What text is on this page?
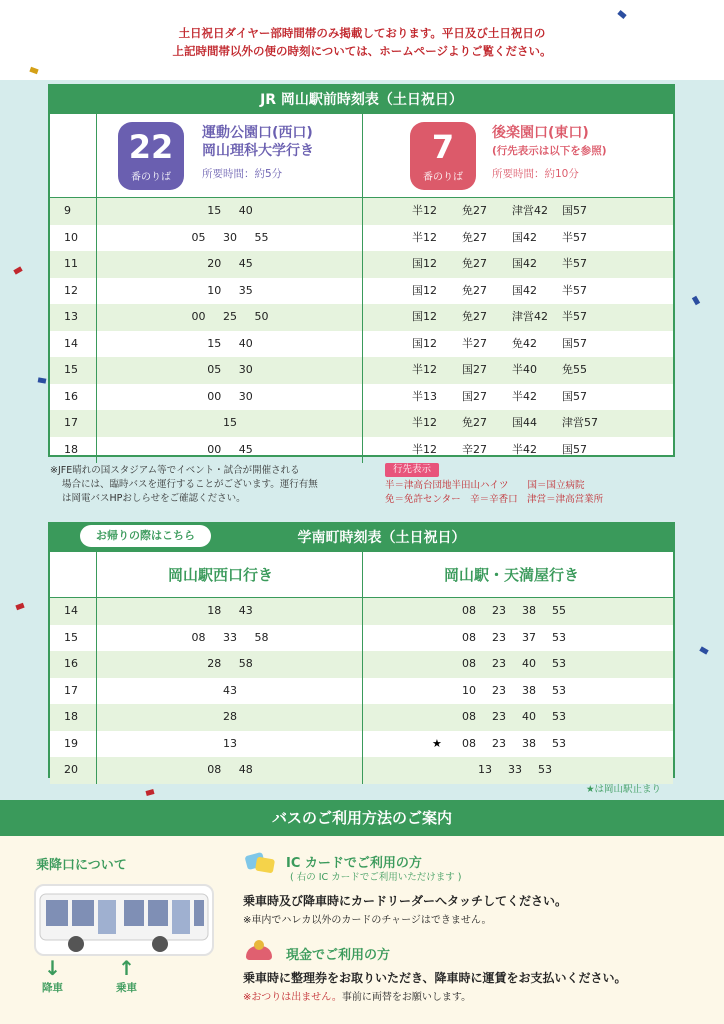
土日祝日ダイヤー部時間帯のみ掲載しております。平日及び土日祝日の
上記時間帯以外の便の時刻については、ホームページよりご覧ください。
JR 岡山駅前時刻表（土日祝日）
22
番のりば
運動公園口(西口)
岡山理科大学行き
所要時間：約5分
7
番のりば
後楽園口(東口)
(行先表示は以下を参照)
所要時間：約10分
9	15 40	半12 免27 津営42 国57
10	05 30 55	半12 免27 国42 半57
11	20 45	国12 免27 国42 半57
12	10 35	国12 免27 国42 半57
13	00 25 50	国12 免27 津営42 半57
14	15 40	国12 半27 免42 国57
15	05 30	半12 国27 半40 免55
16	00 30	半13 国27 半42 国57
17	15	半12 免27 国44 津営57
18	00 45	半12 辛27 半42 国57
※JFE晴れの国スタジアム等でイベント・試合が開催される
場合には、臨時バスを運行することがございます。運行有無
は岡電バスHPおしらせをご確認ください。
行先表示
半＝津高台団地半田山ハイツ　　国＝国立病院
免＝免許センター　辛＝辛香口　津営＝津高営業所
学南町時刻表（土日祝日）
岡山駅西口行き	岡山駅・天満屋行き
14	18 43	08 23 38 55
15	08 33 58	08 23 37 53
16	28 58	08 23 40 53
17	43	10 23 38 53
18	28	08 23 40 53
19	13	★ 08 23 38 53
20	08 48	13 33 53
お帰りの際はこちら
★は岡山駅止まり
バスのご利用方法のご案内
乗降口について
↓
降車
↑
乗車
IC カードでご利用の方
( 右の IC カードでご利用いただけます )
乗車時及び降車時にカードリーダーへタッチしてください。
※車内でハレカ以外のカードのチャージはできません。
現金でご利用の方
乗車時に整理券をお取りいただき、降車時に運賃をお支払いください。
※おつりは出ません。事前に両替をお願いします。
